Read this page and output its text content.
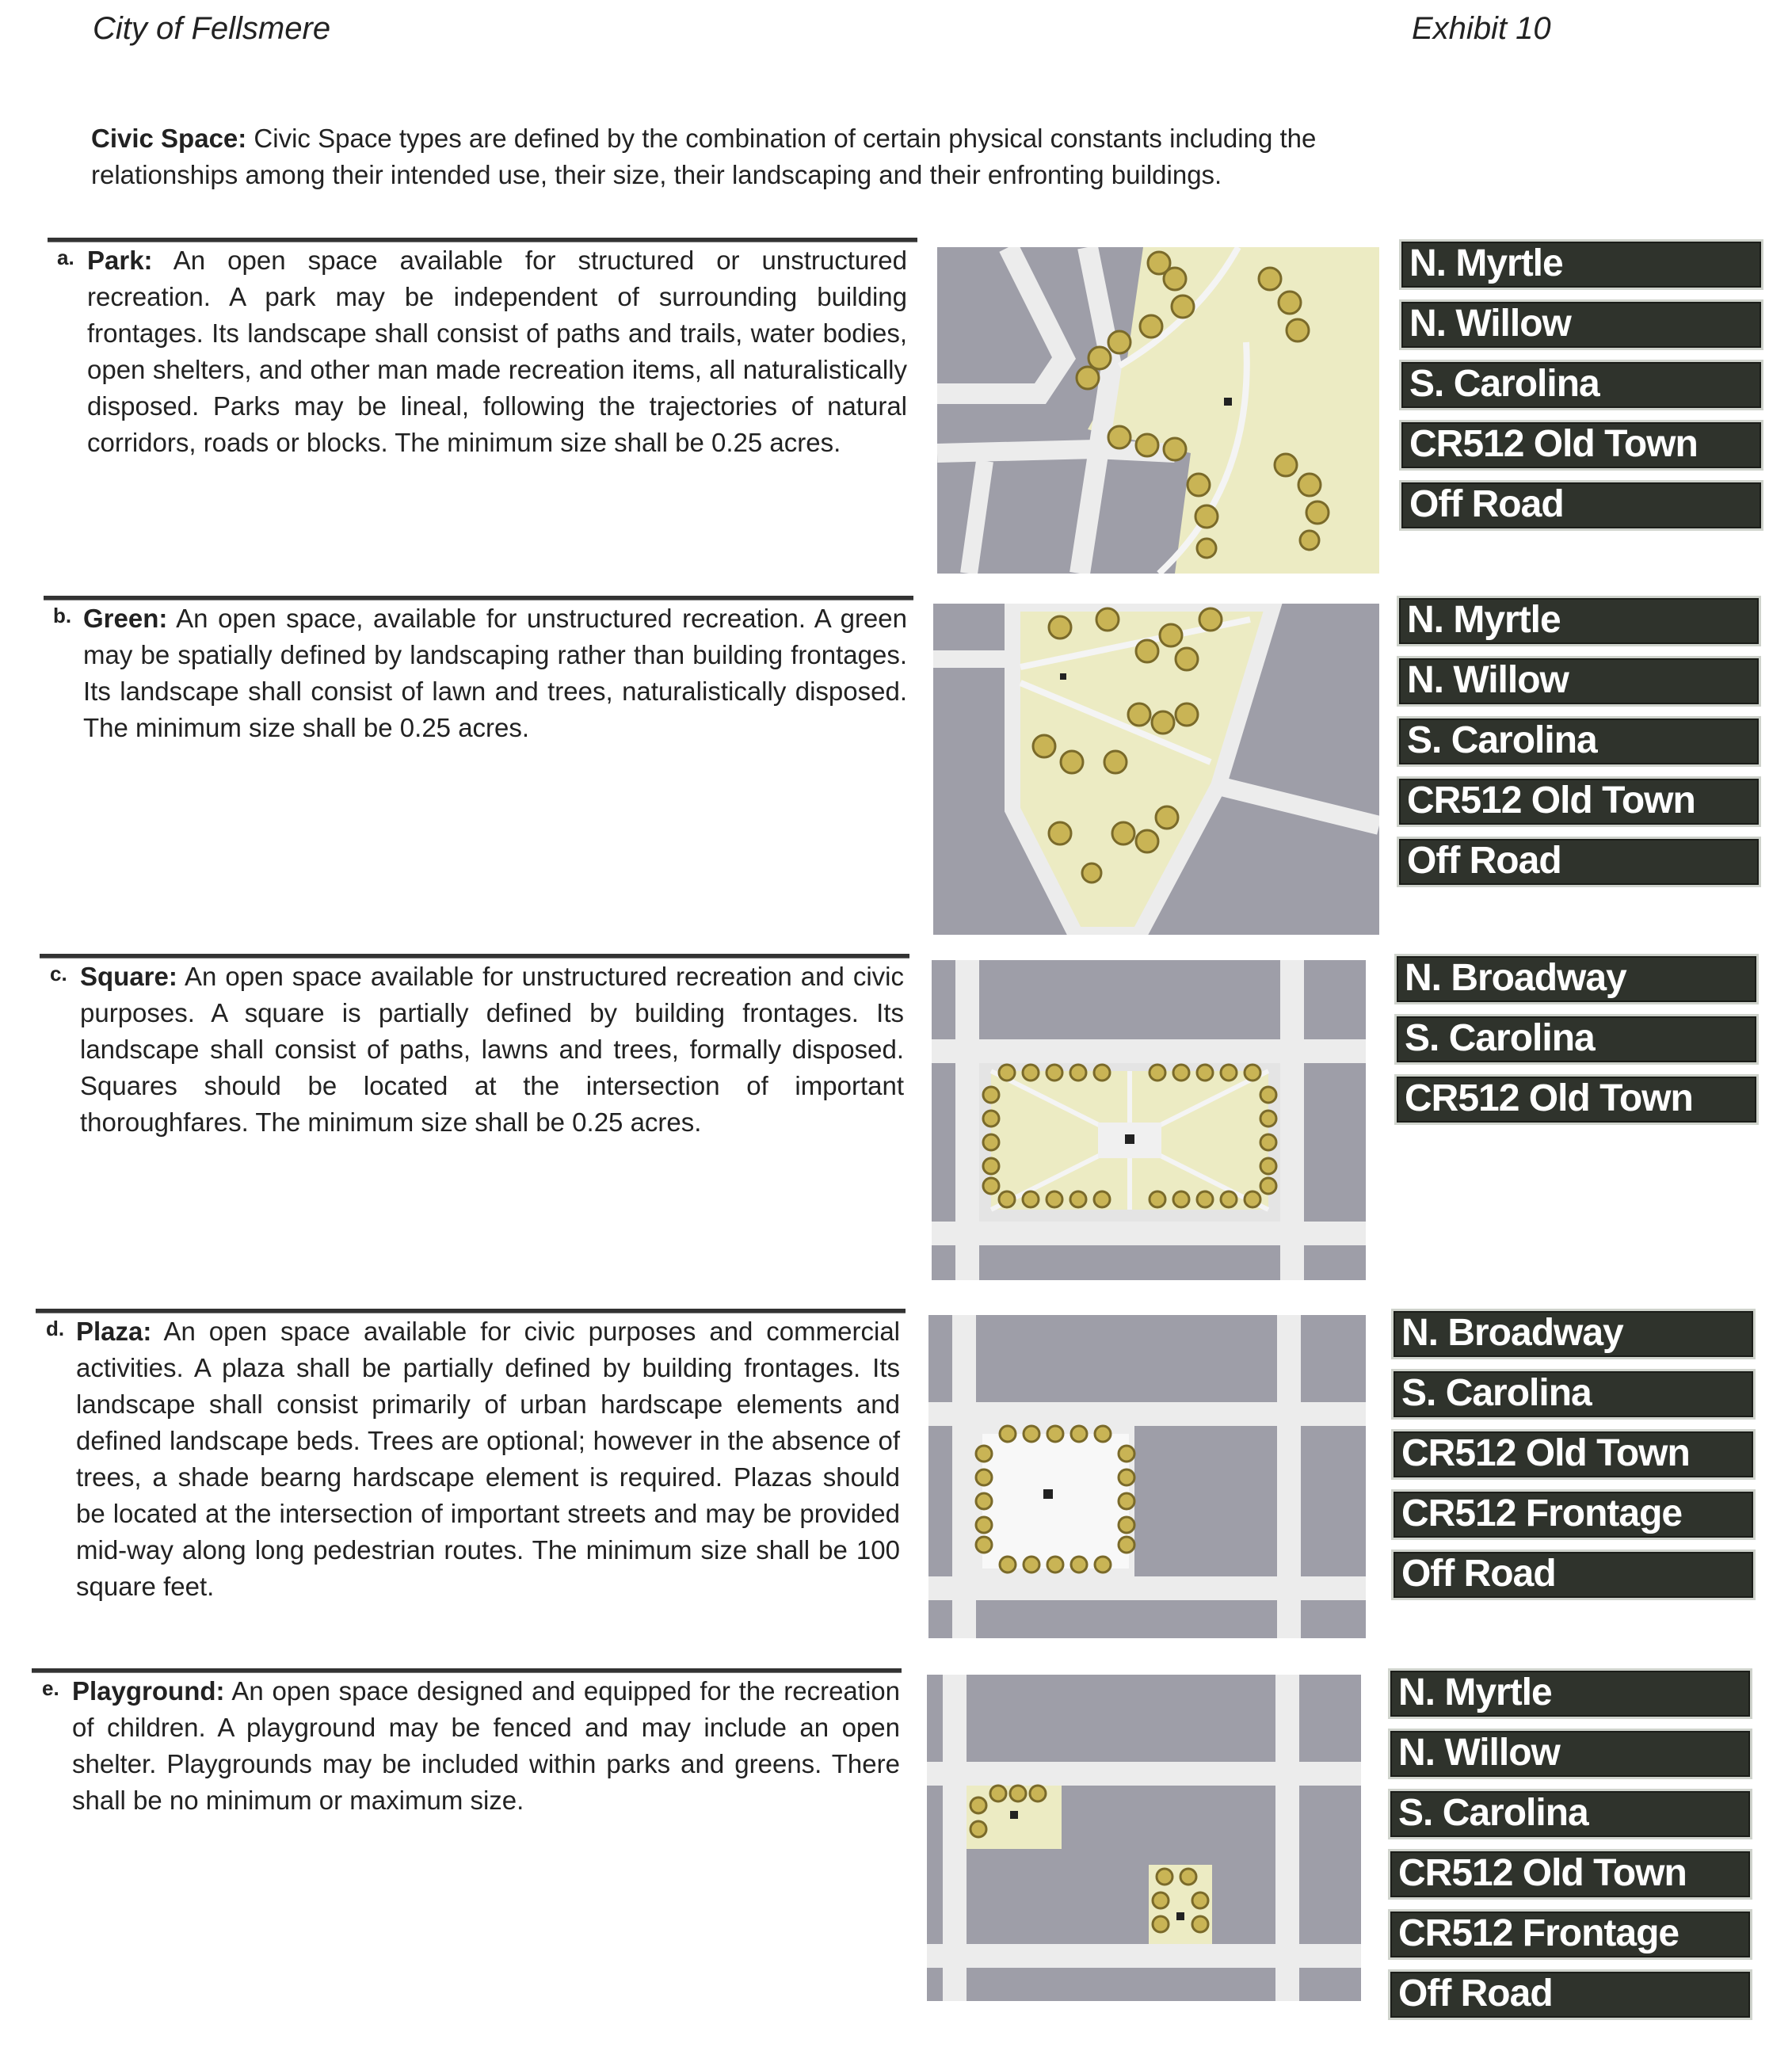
City of Fellsmere	Exhibit 10
Civic Space: Civic Space types are defined by the combination of certain physical constants including the relationships among their intended use, their size, their landscaping and their enfronting buildings.
a. Park: An open space available for structured or unstructured recreation. A park may be independent of surrounding building frontages. Its landscape shall consist of paths and trails, water bodies, open shelters, and other man made recreation items, all naturalistically disposed. Parks may be lineal, following the trajectories of natural corridors, roads or blocks. The minimum size shall be 0.25 acres.
N. Myrtle
N. Willow
S. Carolina
CR512 Old Town
Off Road
b. Green: An open space, available for unstructured recreation. A green may be spatially defined by landscaping rather than building frontages. Its landscape shall consist of lawn and trees, naturalistically disposed. The minimum size shall be 0.25 acres.
N. Myrtle
N. Willow
S. Carolina
CR512 Old Town
Off Road
c. Square: An open space available for unstructured recreation and civic purposes. A square is partially defined by building frontages. Its landscape shall consist of paths, lawns and trees, formally disposed. Squares should be located at the intersection of important thoroughfares. The minimum size shall be 0.25 acres.
N. Broadway
S. Carolina
CR512 Old Town
d. Plaza: An open space available for civic purposes and commercial activities. A plaza shall be partially defined by building frontages. Its landscape shall consist primarily of urban hardscape elements and defined landscape beds. Trees are optional; however in the absence of trees, a shade bearng hardscape element is required. Plazas should be located at the intersection of important streets and may be provided mid-way along long pedestrian routes. The minimum size shall be 100 square feet.
N. Broadway
S. Carolina
CR512 Old Town
CR512 Frontage
Off Road
e. Playground: An open space designed and equipped for the recreation of children. A playground may be fenced and may include an open shelter. Playgrounds may be included within parks and greens. There shall be no minimum or maximum size.
N. Myrtle
N. Willow
S. Carolina
CR512 Old Town
CR512 Frontage
Off Road
